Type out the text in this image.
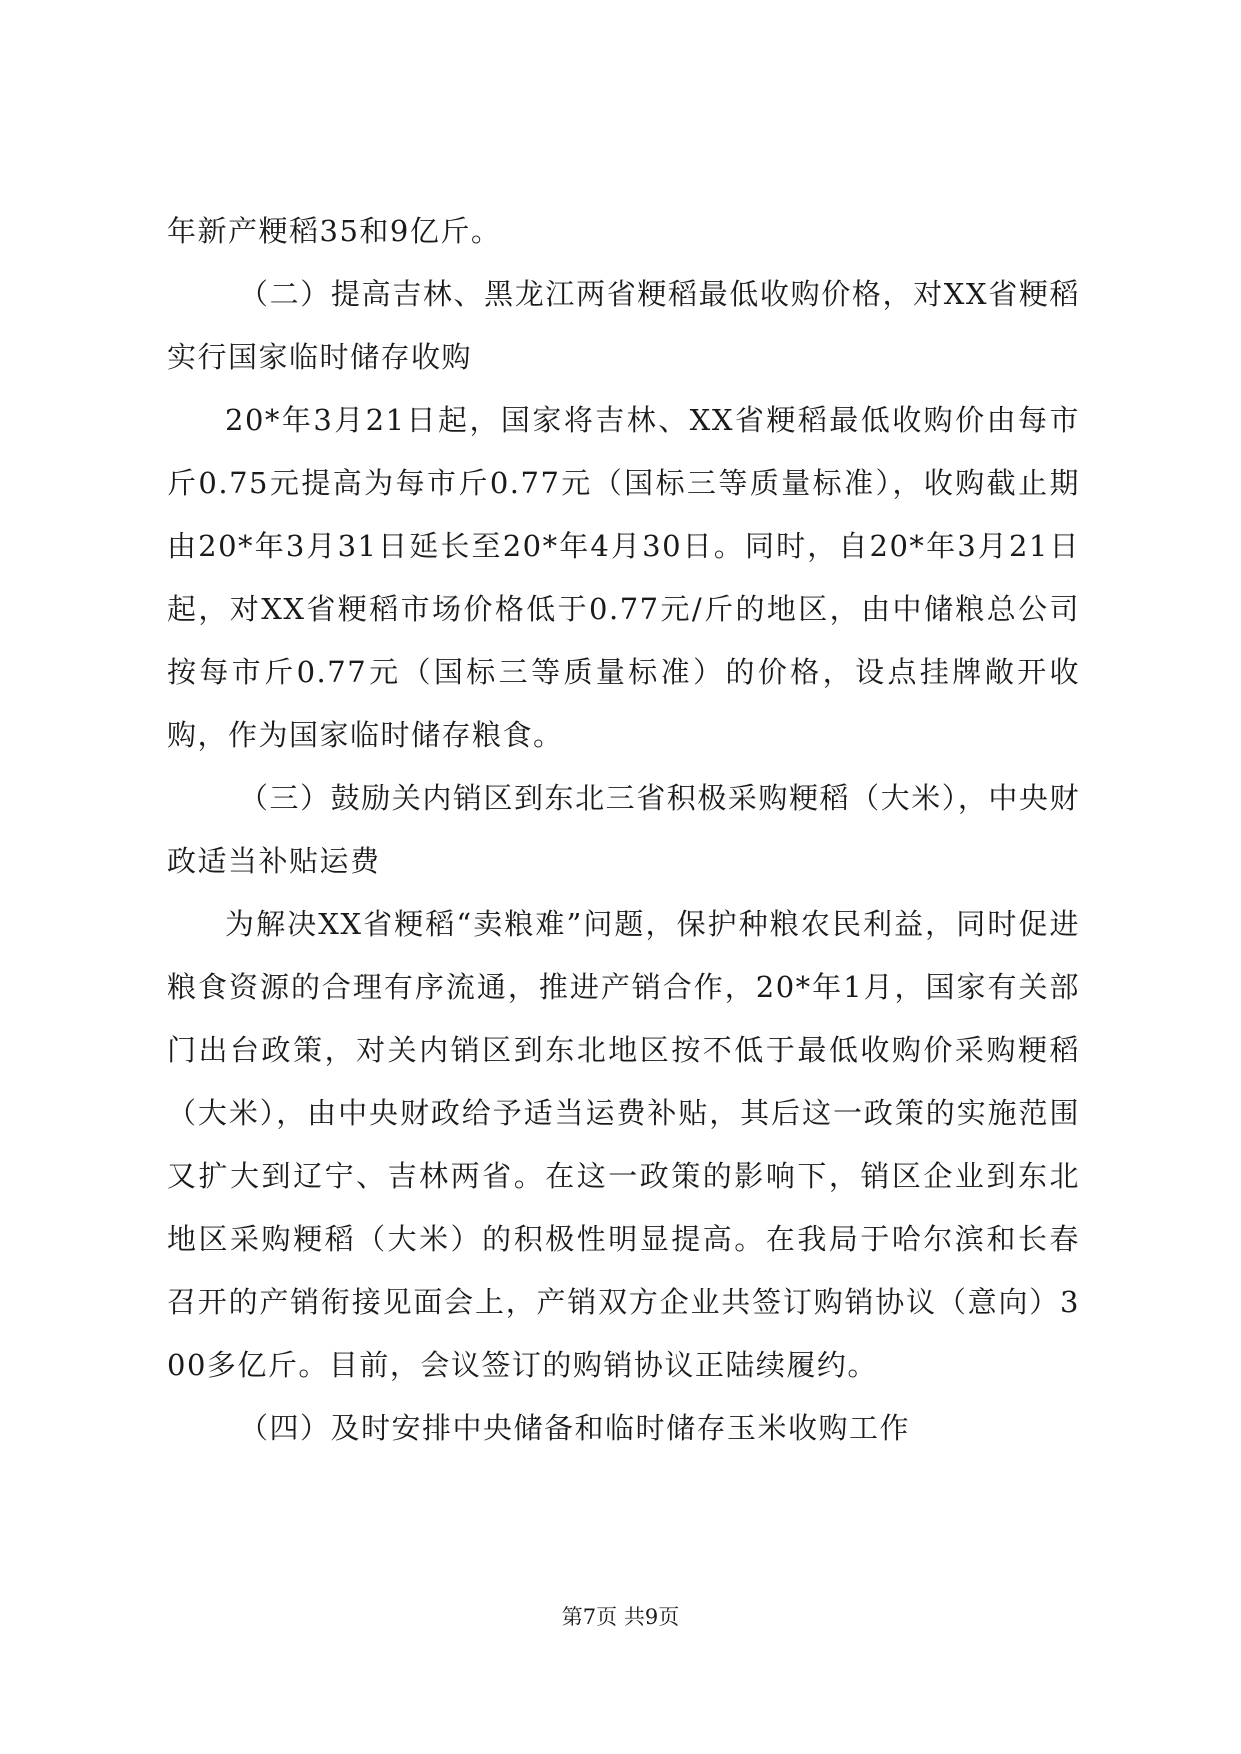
年新产粳稻35和9亿斤。

（二）提高吉林、黑龙江两省粳稻最低收购价格，对XX省粳稻实行国家临时储存收购

20*年3月21日起，国家将吉林、XX省粳稻最低收购价由每市斤0.75元提高为每市斤0.77元（国标三等质量标准），收购截止期由20*年3月31日延长至20*年4月30日。同时，自20*年3月21日起，对XX省粳稻市场价格低于0.77元/斤的地区，由中储粮总公司按每市斤0.77元（国标三等质量标准）的价格，设点挂牌敞开收购，作为国家临时储存粮食。

（三）鼓励关内销区到东北三省积极采购粳稻（大米），中央财政适当补贴运费

为解决XX省粳稻“卖粮难”问题，保护种粮农民利益，同时促进粮食资源的合理有序流通，推进产销合作，20*年1月，国家有关部门出台政策，对关内销区到东北地区按不低于最低收购价采购粳稻（大米），由中央财政给予适当运费补贴，其后这一政策的实施范围又扩大到辽宁、吉林两省。在这一政策的影响下，销区企业到东北地区采购粳稻（大米）的积极性明显提高。在我局于哈尔滨和长春召开的产销衔接见面会上，产销双方企业共签订购销协议（意向）300多亿斤。目前，会议签订的购销协议正陆续履约。

（四）及时安排中央储备和临时储存玉米收购工作

第7页 共9页
